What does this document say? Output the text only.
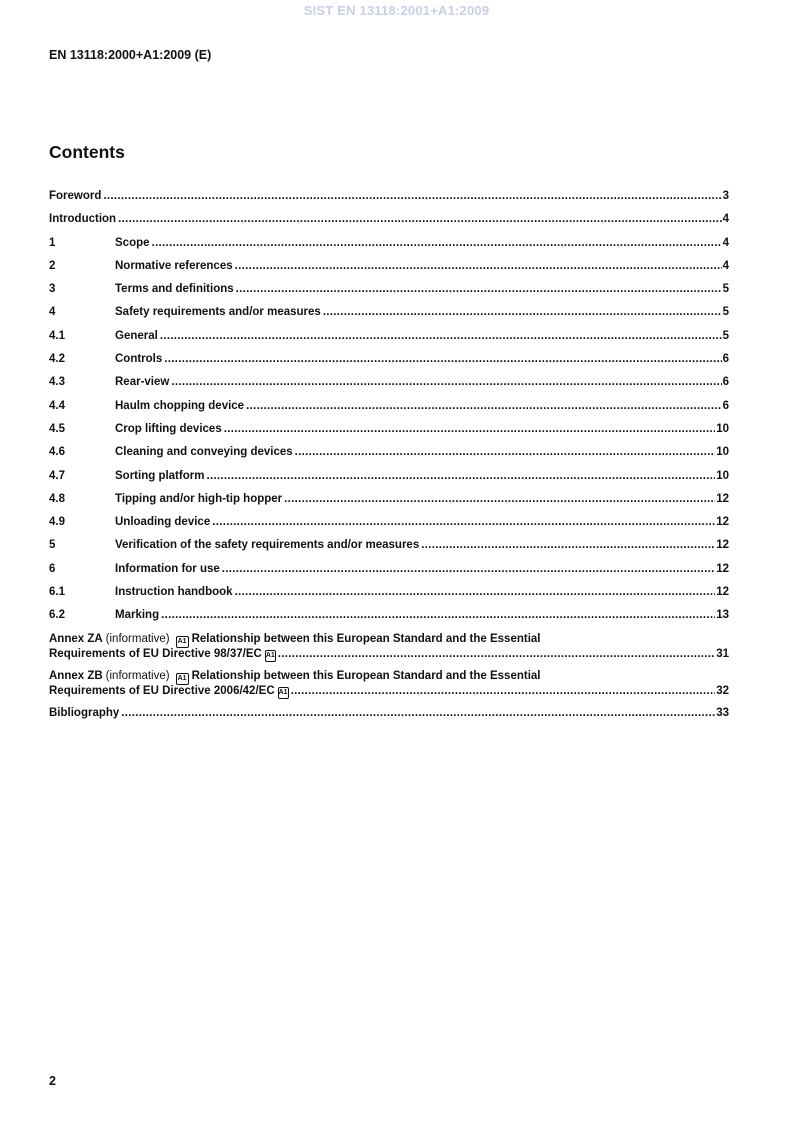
SIST EN 13118:2001+A1:2009
EN 13118:2000+A1:2009 (E)
Contents
Foreword .....	3
Introduction .....	4
1	Scope .....	4
2	Normative references .....	4
3	Terms and definitions .....	5
4	Safety requirements and/or measures .....	5
4.1	General .....	5
4.2	Controls .....	6
4.3	Rear-view .....	6
4.4	Haulm chopping device .....	6
4.5	Crop lifting devices .....	10
4.6	Cleaning and conveying devices .....	10
4.7	Sorting platform .....	10
4.8	Tipping and/or high-tip hopper .....	12
4.9	Unloading device .....	12
5	Verification of the safety requirements and/or measures .....	12
6	Information for use .....	12
6.1	Instruction handbook .....	12
6.2	Marking .....	13
Annex ZA (informative) A1 Relationship between this European Standard and the Essential
Requirements of EU Directive 98/37/EC A1 .....	31
Annex ZB (informative) A1 Relationship between this European Standard and the Essential
Requirements of EU Directive 2006/42/EC A1 .....	32
Bibliography .....	33
2
